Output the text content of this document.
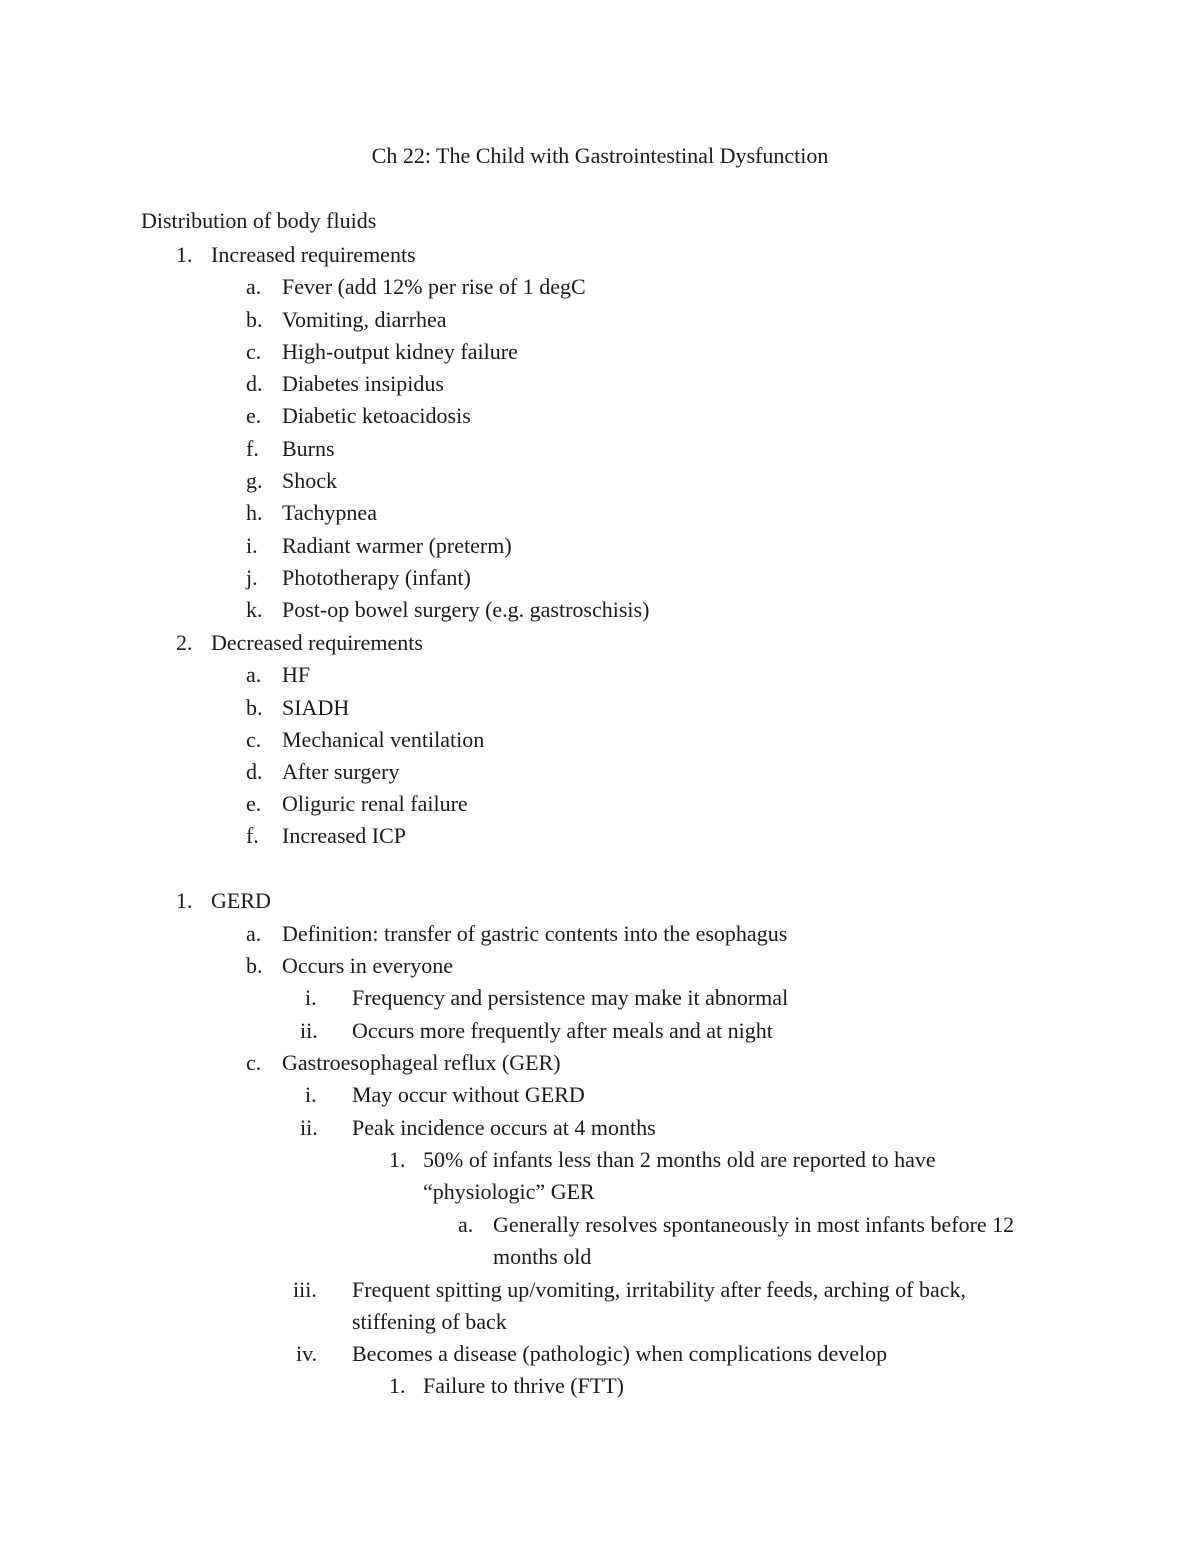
Ch 22: The Child with Gastrointestinal Dysfunction
Distribution of body fluids
1. Increased requirements
a. Fever (add 12% per rise of 1 degC
b. Vomiting, diarrhea
c. High-output kidney failure
d. Diabetes insipidus
e. Diabetic ketoacidosis
f.	Burns
g. Shock
h. Tachypnea
i.	Radiant warmer (preterm)
j.	Phototherapy (infant)
k. Post-op bowel surgery (e.g. gastroschisis)
2. Decreased requirements
a. HF
b. SIADH
c. Mechanical ventilation
d. After surgery
e. Oliguric renal failure
f.	Increased ICP
1. GERD
a. Definition: transfer of gastric contents into the esophagus
b. Occurs in everyone
i.	Frequency and persistence may make it abnormal
ii.	Occurs more frequently after meals and at night
c. Gastroesophageal reflux (GER)
i.	May occur without GERD
ii.	Peak incidence occurs at 4 months
1. 50% of infants less than 2 months old are reported to have
“physiologic” GER
a. Generally resolves spontaneously in most infants before 12
months old
iii. Frequent spitting up/vomiting, irritability after feeds, arching of back,
stiffening of back
iv.	Becomes a disease (pathologic) when complications develop
1. Failure to thrive (FTT)
